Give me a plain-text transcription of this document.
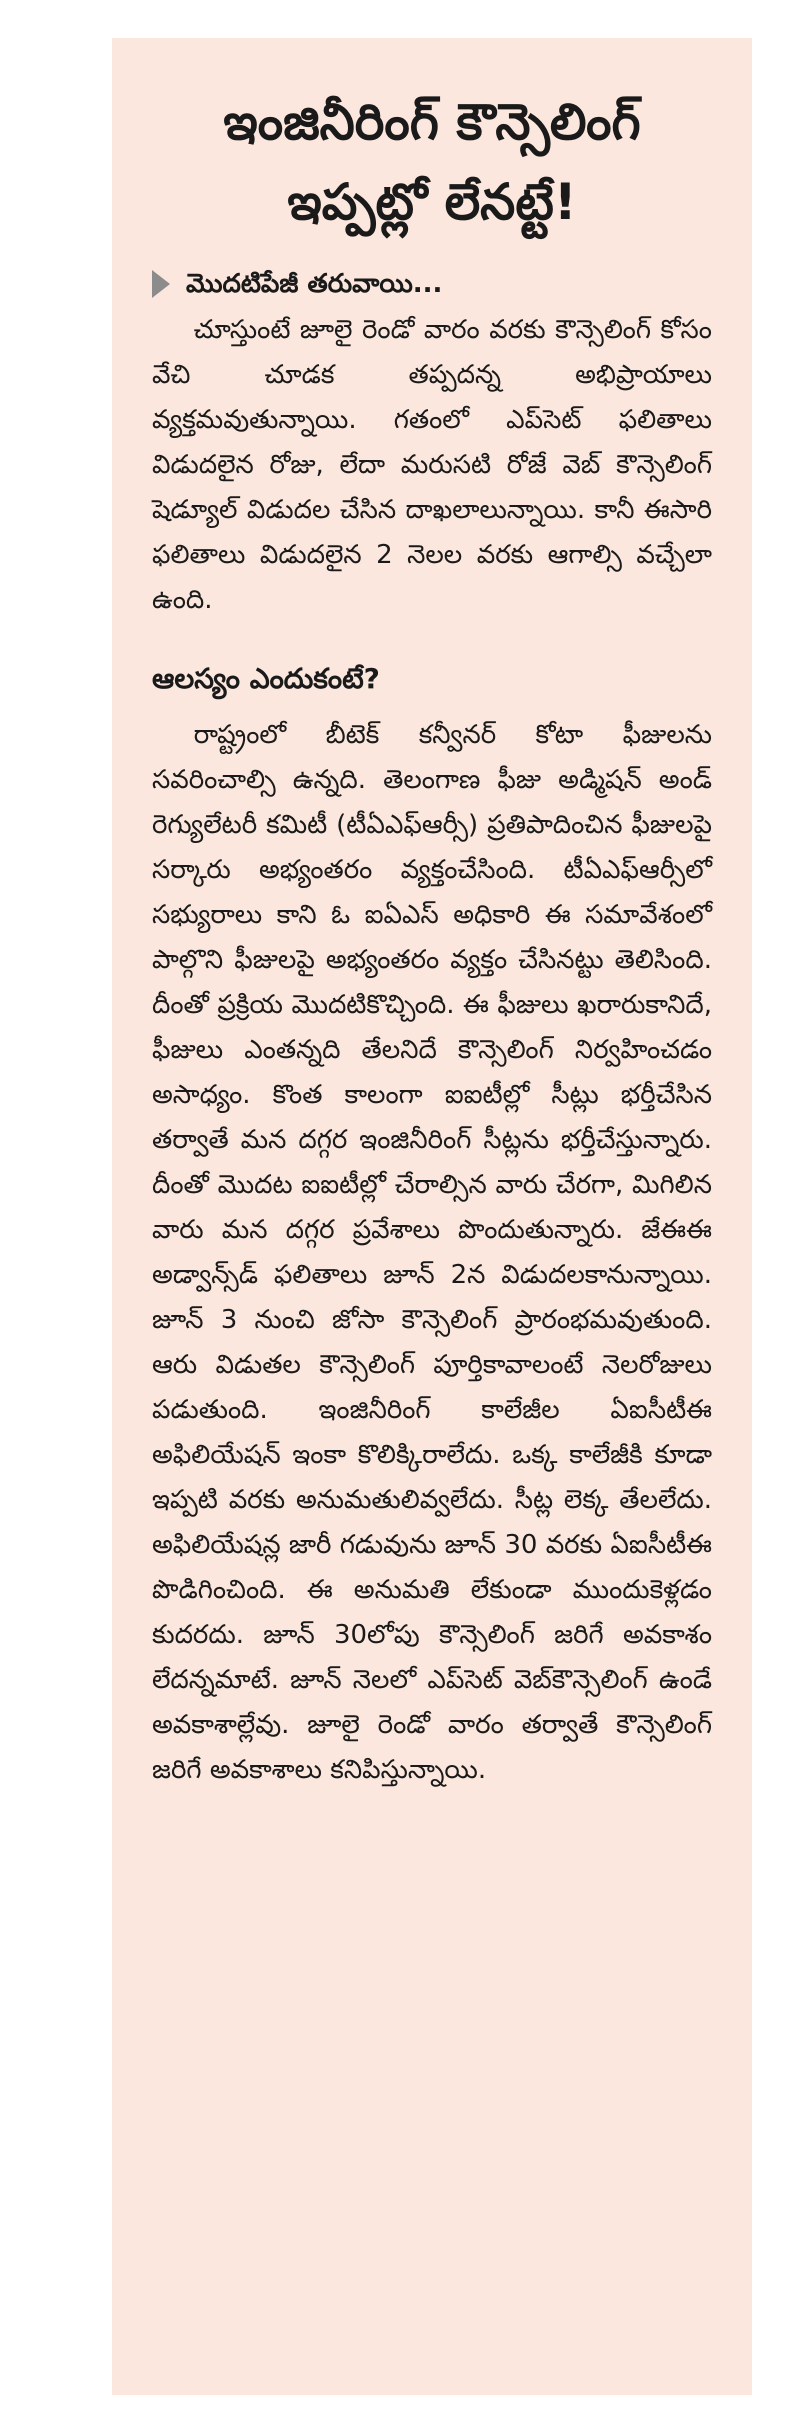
ఇంజినీరింగ్ కౌన్సెలింగ్
ఇప్పట్లో లేనట్టే!
మొదటిపేజీ తరువాయి...

చూస్తుంటే జూలై రెండో వారం వరకు కౌన్సెలింగ్ కోసం వేచి చూడక తప్పదన్న అభిప్రాయాలు వ్యక్తమవుతున్నాయి. గతంలో ఎప్‌సెట్ ఫలితాలు విడుదలైన రోజు, లేదా మరుసటి రోజే వెబ్ కౌన్సెలింగ్ షెడ్యూల్ విడుదల చేసిన దాఖలాలున్నాయి. కానీ ఈసారి ఫలితాలు విడుదలైన 2 నెలల వరకు ఆగాల్సి వచ్చేలా ఉంది.

ఆలస్యం ఎందుకంటే?

రాష్ట్రంలో బీటెక్ కన్వీనర్ కోటా ఫీజులను సవరించాల్సి ఉన్నది. తెలంగాణ ఫీజు అడ్మిషన్ అండ్ రెగ్యులేటరీ కమిటీ (టీఏఎఫ్‌ఆర్సీ) ప్రతిపాదించిన ఫీజులపై సర్కారు అభ్యంతరం వ్యక్తంచేసింది. టీఏఎఫ్‌ఆర్సీలో సభ్యురాలు కాని ఓ ఐఏఎస్ అధికారి ఈ సమావేశంలో పాల్గొని ఫీజులపై అభ్యంతరం వ్యక్తం చేసినట్టు తెలిసింది. దీంతో ప్రక్రియ మొదటికొచ్చింది. ఈ ఫీజులు ఖరారుకానిదే, ఫీజులు ఎంతన్నది తేలనిదే కౌన్సెలింగ్ నిర్వహించడం అసాధ్యం. కొంత కాలంగా ఐఐటీల్లో సీట్లు భర్తీచేసిన తర్వాతే మన దగ్గర ఇంజినీరింగ్ సీట్లను భర్తీచేస్తున్నారు. దీంతో మొదట ఐఐటీల్లో చేరాల్సిన వారు చేరగా, మిగిలిన వారు మన దగ్గర ప్రవేశాలు పొందుతున్నారు. జేఈఈ అడ్వాన్స్‌డ్ ఫలితాలు జూన్ 2న విడుదలకానున్నాయి. జూన్ 3 నుంచి జోసా కౌన్సెలింగ్ ప్రారంభమవుతుంది. ఆరు విడుతల కౌన్సెలింగ్ పూర్తికావాలంటే నెలరోజులు పడుతుంది. ఇంజినీరింగ్ కాలేజీల ఏఐసీటీఈ అఫిలియేషన్ ఇంకా కొలిక్కిరాలేదు. ఒక్క కాలేజీకి కూడా ఇప్పటి వరకు అనుమతులివ్వలేదు. సీట్ల లెక్క తేలలేదు. అఫిలియేషన్ల జారీ గడువును జూన్ 30 వరకు ఏఐసీటీఈ పొడిగించింది. ఈ అనుమతి లేకుండా ముందుకెళ్లడం కుదరదు. జూన్ 30లోపు కౌన్సెలింగ్ జరిగే అవకాశం లేదన్నమాటే. జూన్ నెలలో ఎప్‌సెట్ వెబ్‌కౌన్సెలింగ్ ఉండే అవకాశాల్లేవు. జూలై రెండో వారం తర్వాతే కౌన్సెలింగ్ జరిగే అవకాశాలు కనిపిస్తున్నాయి.
